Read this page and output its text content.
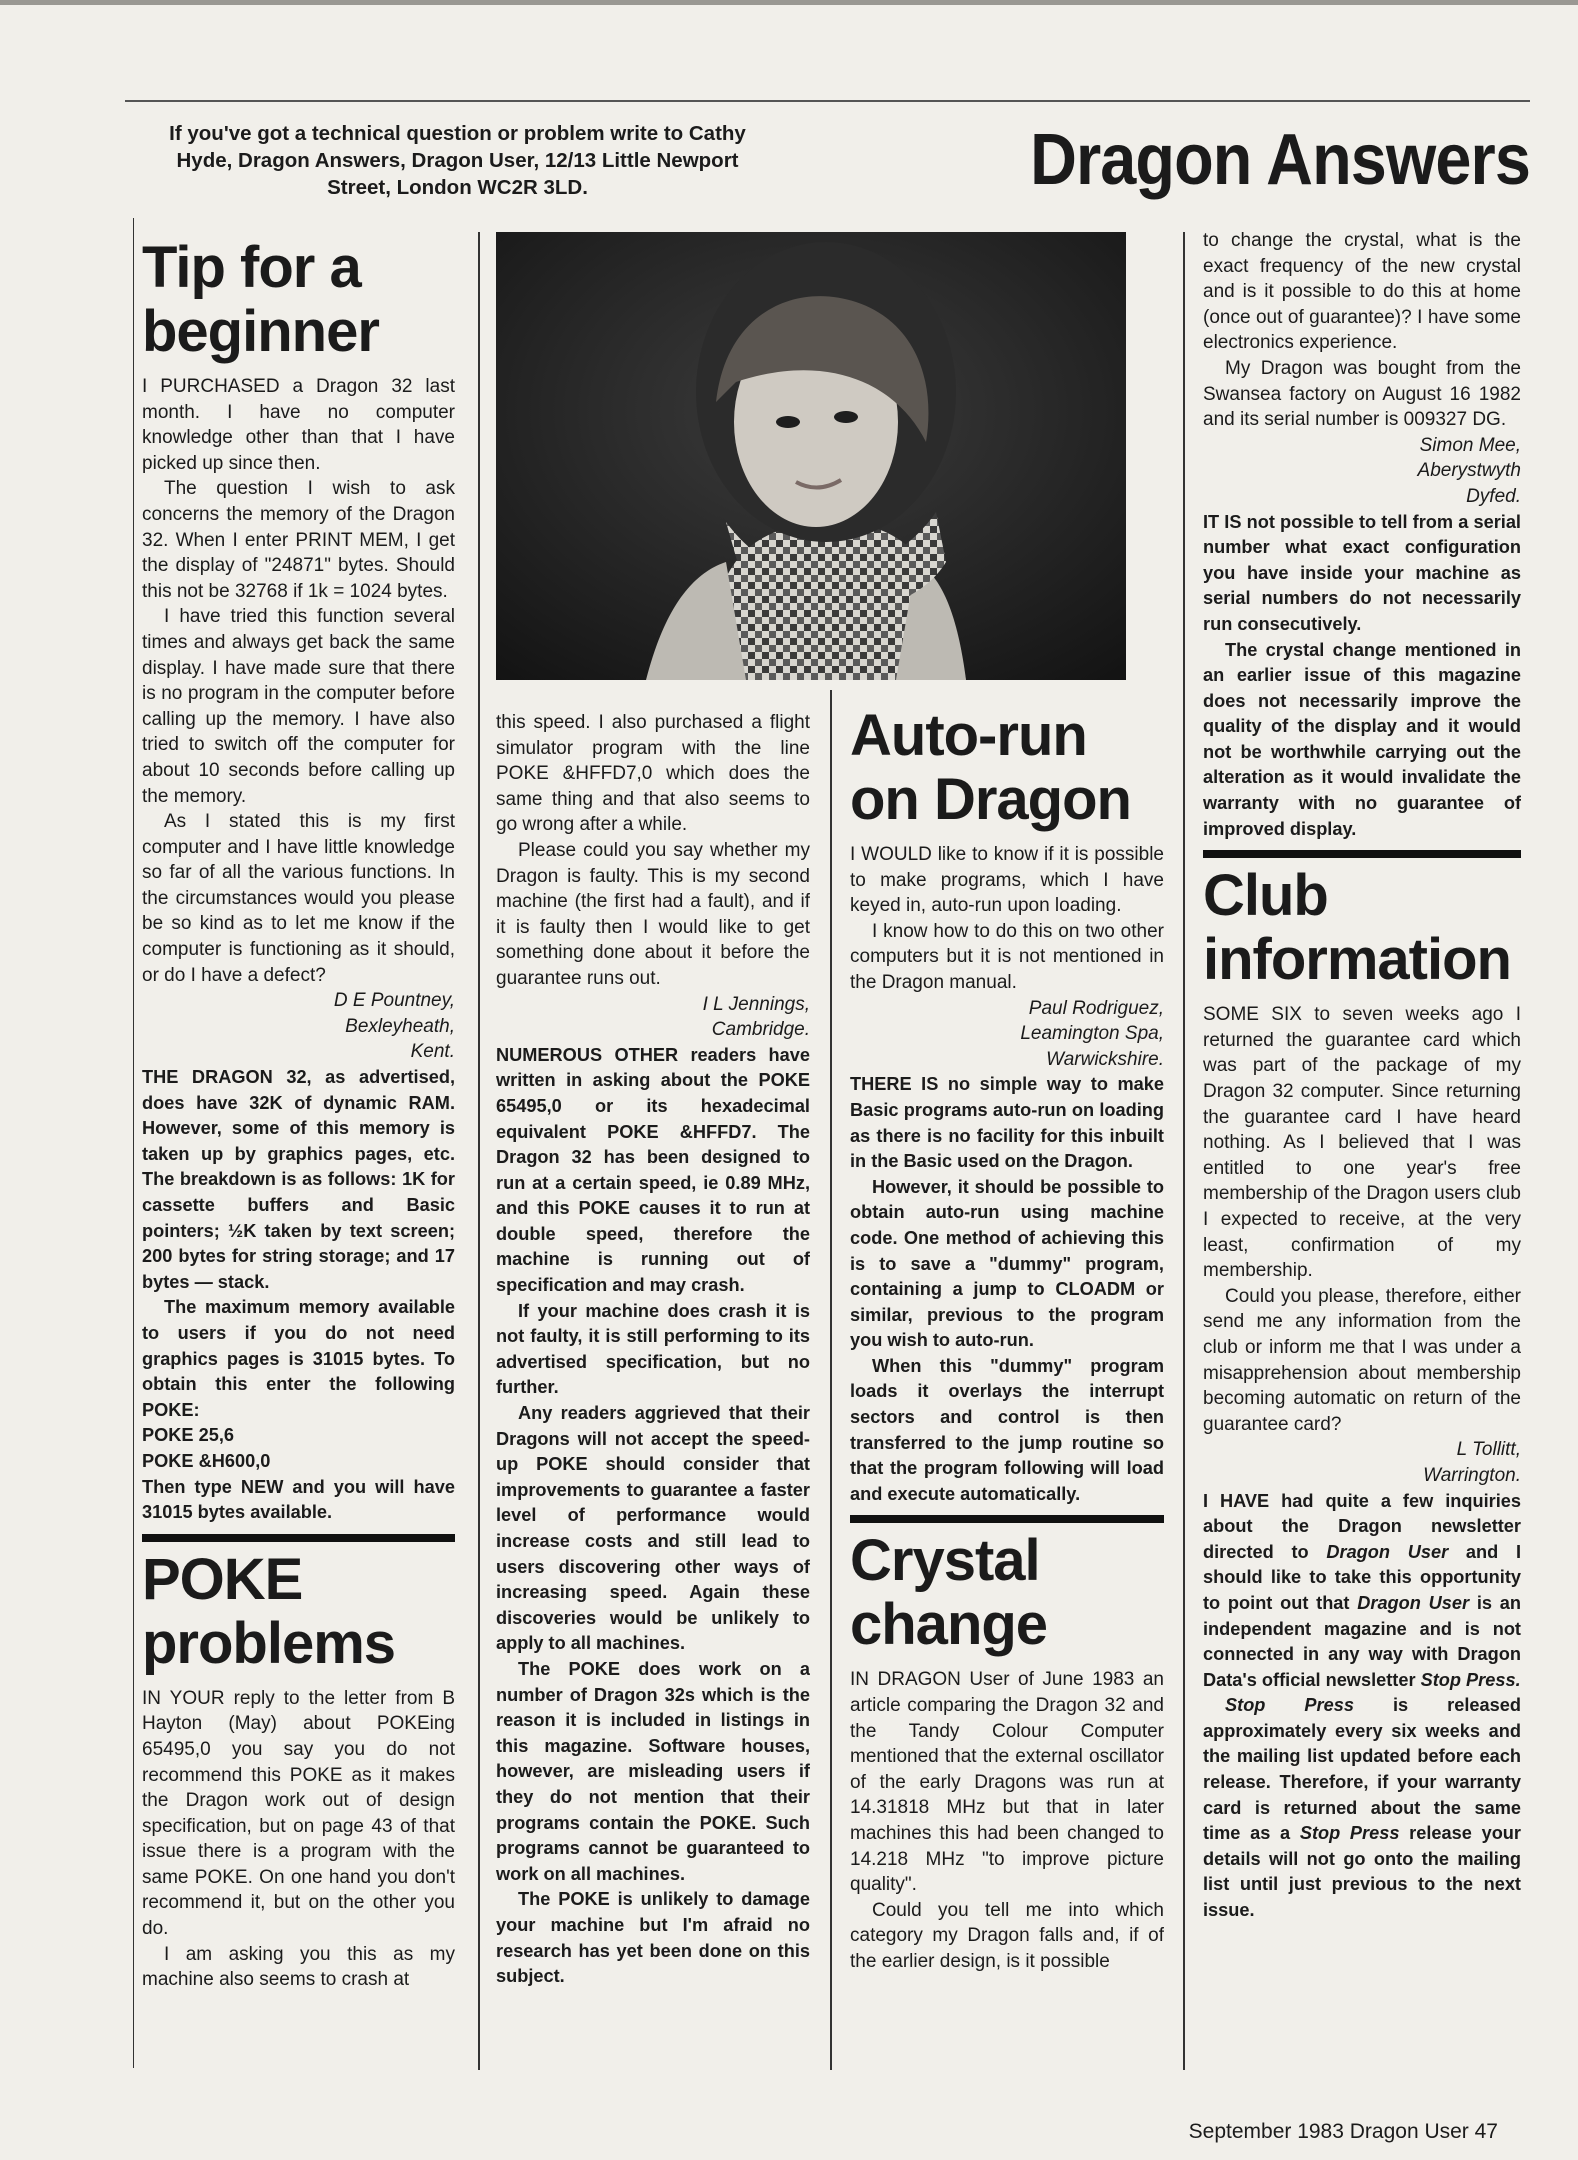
If you've got a technical question or problem write to Cathy
Hyde, Dragon Answers, Dragon User, 12/13 Little Newport
Street, London WC2R 3LD.	Dragon Answers
Tip for a beginner

I PURCHASED a Dragon 32 last month. I have no computer knowledge other than that I have picked up since then.

The question I wish to ask concerns the memory of the Dragon 32. When I enter PRINT MEM, I get the display of "24871" bytes. Should this not be 32768 if 1k = 1024 bytes.

I have tried this function several times and always get back the same display. I have made sure that there is no program in the computer before calling up the memory. I have also tried to switch off the computer for about 10 seconds before calling up the memory.

As I stated this is my first computer and I have little knowledge so far of all the various functions. In the circumstances would you please be so kind as to let me know if the computer is functioning as it should, or do I have a defect?

D E Pountney,

Bexleyheath,

Kent.

THE DRAGON 32, as advertised, does have 32K of dynamic RAM. However, some of this memory is taken up by graphics pages, etc. The breakdown is as follows: 1K for cassette buffers and Basic pointers; ½K taken by text screen; 200 bytes for string storage; and 17 bytes — stack.

The maximum memory available to users if you do not need graphics pages is 31015 bytes. To obtain this enter the following POKE:

POKE 25,6

POKE &H600,0

Then type NEW and you will have 31015 bytes available.

POKE problems

IN YOUR reply to the letter from B Hayton (May) about POKEing 65495,0 you say you do not recommend this POKE as it makes the Dragon work out of design specification, but on page 43 of that issue there is a program with the same POKE. On one hand you don't recommend it, but on the other you do.

I am asking you this as my machine also seems to crash at

this speed. I also purchased a flight simulator program with the line POKE &HFFD7,0 which does the same thing and that also seems to go wrong after a while.

Please could you say whether my Dragon is faulty. This is my second machine (the first had a fault), and if it is faulty then I would like to get something done about it before the guarantee runs out.

I L Jennings,

Cambridge.

NUMEROUS OTHER readers have written in asking about the POKE 65495,0 or its hexadecimal equivalent POKE &HFFD7. The Dragon 32 has been designed to run at a certain speed, ie 0.89 MHz, and this POKE causes it to run at double speed, therefore the machine is running out of specification and may crash.

If your machine does crash it is not faulty, it is still performing to its advertised specification, but no further.

Any readers aggrieved that their Dragons will not accept the speed-up POKE should consider that improvements to guarantee a faster level of performance would increase costs and still lead to users discovering other ways of increasing speed. Again these discoveries would be unlikely to apply to all machines.

The POKE does work on a number of Dragon 32s which is the reason it is included in listings in this magazine. Software houses, however, are misleading users if they do not mention that their programs contain the POKE. Such programs cannot be guaranteed to work on all machines.

The POKE is unlikely to damage your machine but I'm afraid no research has yet been done on this subject.

Auto-run on Dragon

I WOULD like to know if it is possible to make programs, which I have keyed in, auto-run upon loading.

I know how to do this on two other computers but it is not mentioned in the Dragon manual.

Paul Rodriguez,

Leamington Spa,

Warwickshire.

THERE IS no simple way to make Basic programs auto-run on loading as there is no facility for this inbuilt in the Basic used on the Dragon.

However, it should be possible to obtain auto-run using machine code. One method of achieving this is to save a "dummy" program, containing a jump to CLOADM or similar, previous to the program you wish to auto-run.

When this "dummy" program loads it overlays the interrupt sectors and control is then transferred to the jump routine so that the program following will load and execute automatically.

Crystal change

IN DRAGON User of June 1983 an article comparing the Dragon 32 and the Tandy Colour Computer mentioned that the external oscillator of the early Dragons was run at 14.31818 MHz but that in later machines this had been changed to 14.218 MHz "to improve picture quality".

Could you tell me into which category my Dragon falls and, if of the earlier design, is it possible

to change the crystal, what is the exact frequency of the new crystal and is it possible to do this at home (once out of guarantee)? I have some electronics experience.

My Dragon was bought from the Swansea factory on August 16 1982 and its serial number is 009327 DG.

Simon Mee,

Aberystwyth

Dyfed.

IT IS not possible to tell from a serial number what exact configuration you have inside your machine as serial numbers do not necessarily run consecutively.

The crystal change mentioned in an earlier issue of this magazine does not necessarily improve the quality of the display and it would not be worthwhile carrying out the alteration as it would invalidate the warranty with no guarantee of improved display.

Club information

SOME SIX to seven weeks ago I returned the guarantee card which was part of the package of my Dragon 32 computer. Since returning the guarantee card I have heard nothing. As I believed that I was entitled to one year's free membership of the Dragon users club I expected to receive, at the very least, confirmation of my membership.

Could you please, therefore, either send me any information from the club or inform me that I was under a misapprehension about membership becoming automatic on return of the guarantee card?

L Tollitt,

Warrington.

I HAVE had quite a few inquiries about the Dragon newsletter directed to Dragon User and I should like to take this opportunity to point out that Dragon User is an independent magazine and is not connected in any way with Dragon Data's official newsletter Stop Press.

Stop Press is released approximately every six weeks and the mailing list updated before each release. Therefore, if your warranty card is returned about the same time as a Stop Press release your details will not go onto the mailing list until just previous to the next issue.

September 1983 Dragon User 47
